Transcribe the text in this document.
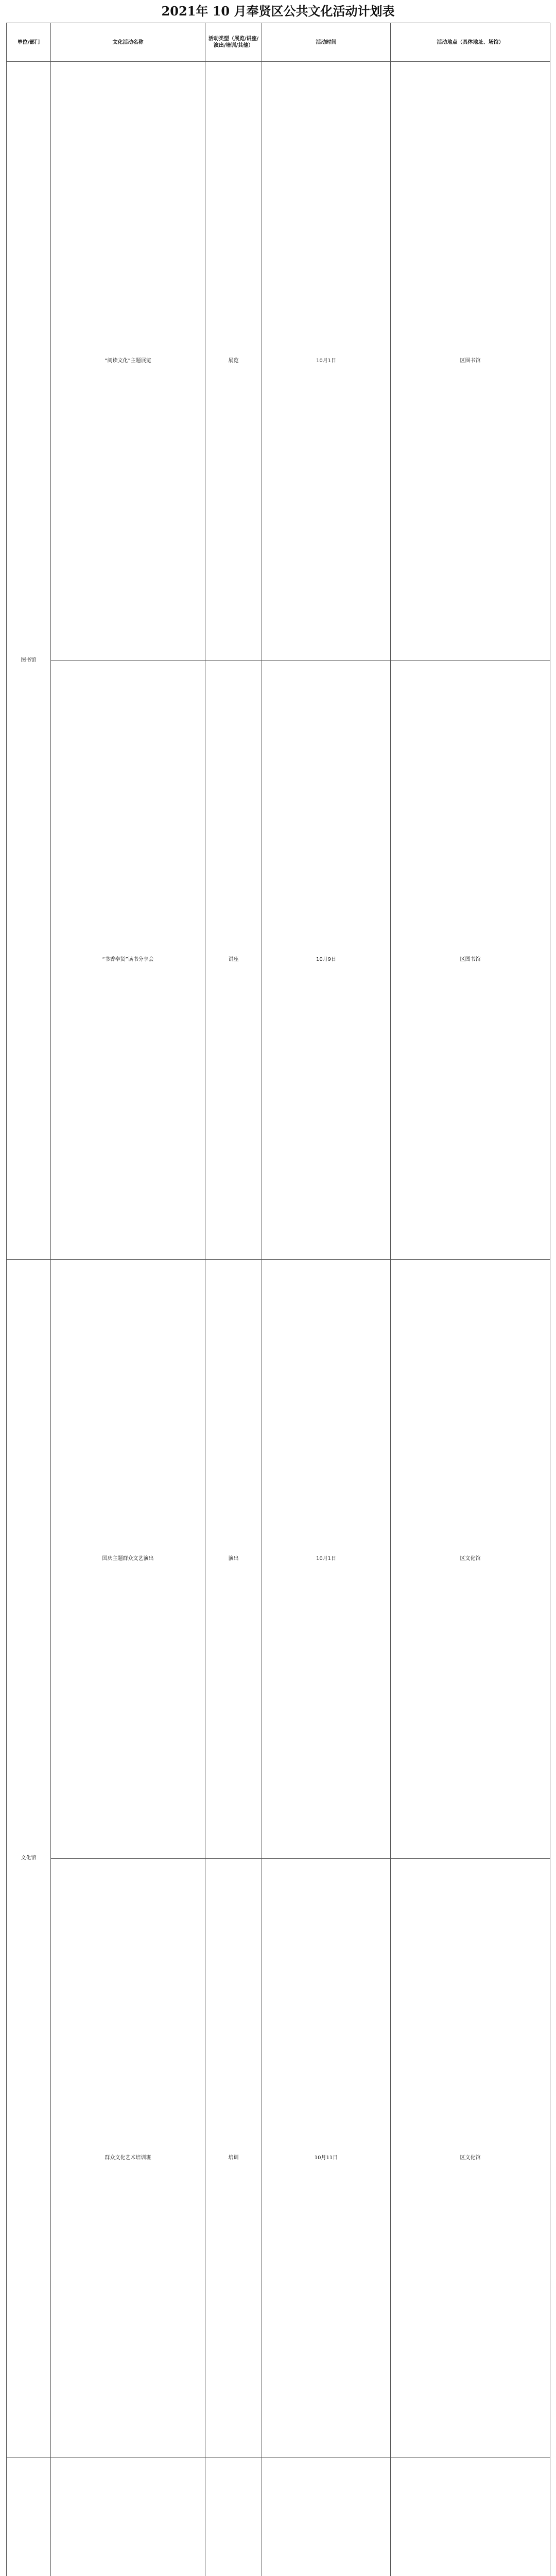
2021年 10 月奉贤区公共文化活动计划表
单位/部门	文化活动名称	活动类型（展览/讲座/演出/培训/其他）	活动时间	活动地点（具体地址、场馆）
图书馆	“阅读文化”主题展览	展览	10月1日	区图书馆
	“书香奉贤”读书分享会	讲座	10月9日	区图书馆
文化馆	国庆主题群众文艺演出	演出	10月1日	区文化馆
	群众文化艺术培训班	培训	10月11日	区文化馆
